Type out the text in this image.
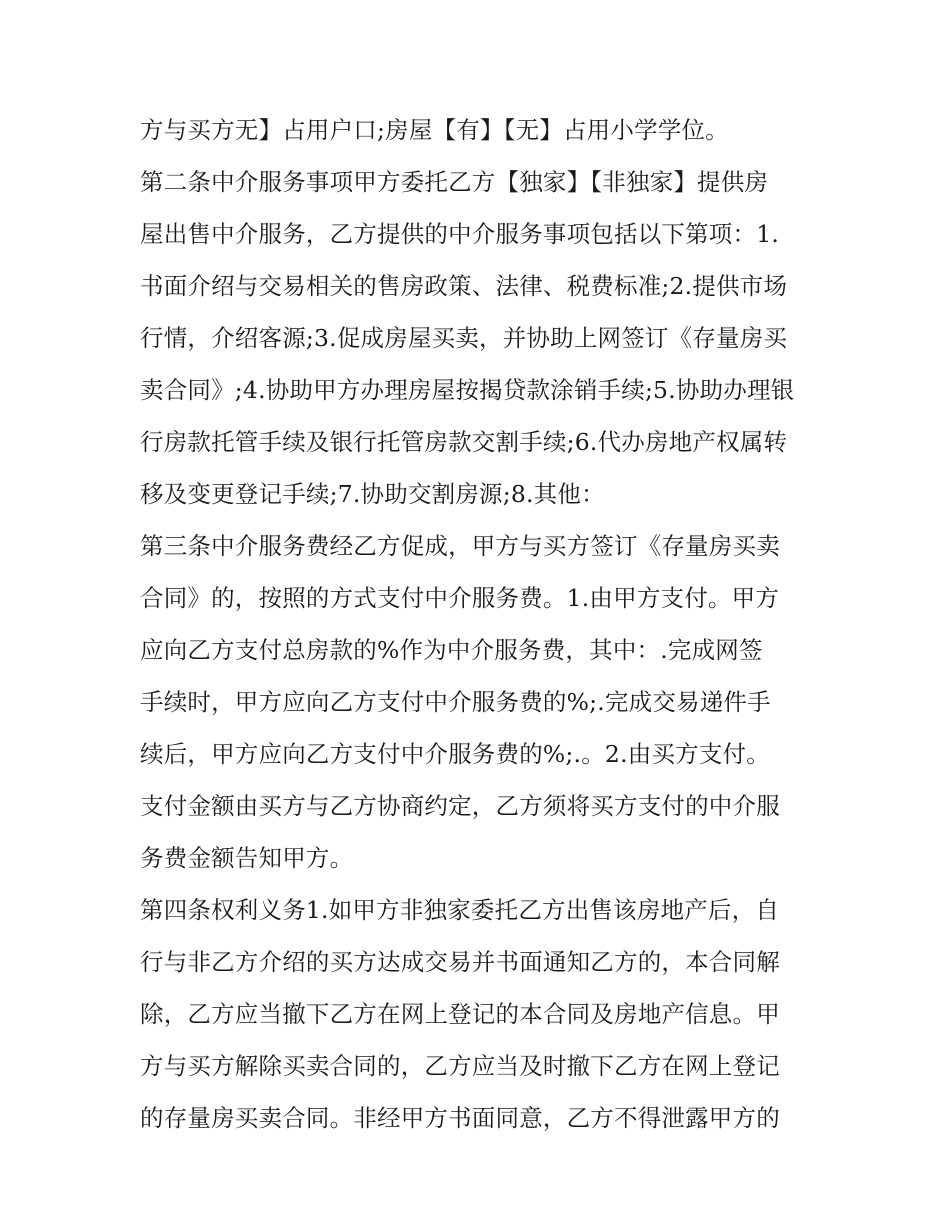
方与买方无】占用户口;房屋【有】【无】占用小学学位。
第二条中介服务事项甲方委托乙方【独家】【非独家】提供房
屋出售中介服务，乙方提供的中介服务事项包括以下第项：1.
书面介绍与交易相关的售房政策、法律、税费标准;2.提供市场
行情，介绍客源;3.促成房屋买卖，并协助上网签订《存量房买
卖合同》;4.协助甲方办理房屋按揭贷款涂销手续;5.协助办理银
行房款托管手续及银行托管房款交割手续;6.代办房地产权属转
移及变更登记手续;7.协助交割房源;8.其他：
第三条中介服务费经乙方促成，甲方与买方签订《存量房买卖
合同》的，按照的方式支付中介服务费。1.由甲方支付。甲方
应向乙方支付总房款的%作为中介服务费，其中：.完成网签
手续时，甲方应向乙方支付中介服务费的%;.完成交易递件手
续后，甲方应向乙方支付中介服务费的%;.。2.由买方支付。
支付金额由买方与乙方协商约定，乙方须将买方支付的中介服
务费金额告知甲方。
第四条权利义务1.如甲方非独家委托乙方出售该房地产后，自
行与非乙方介绍的买方达成交易并书面通知乙方的，本合同解
除，乙方应当撤下乙方在网上登记的本合同及房地产信息。甲
方与买方解除买卖合同的，乙方应当及时撤下乙方在网上登记
的存量房买卖合同。非经甲方书面同意，乙方不得泄露甲方的
